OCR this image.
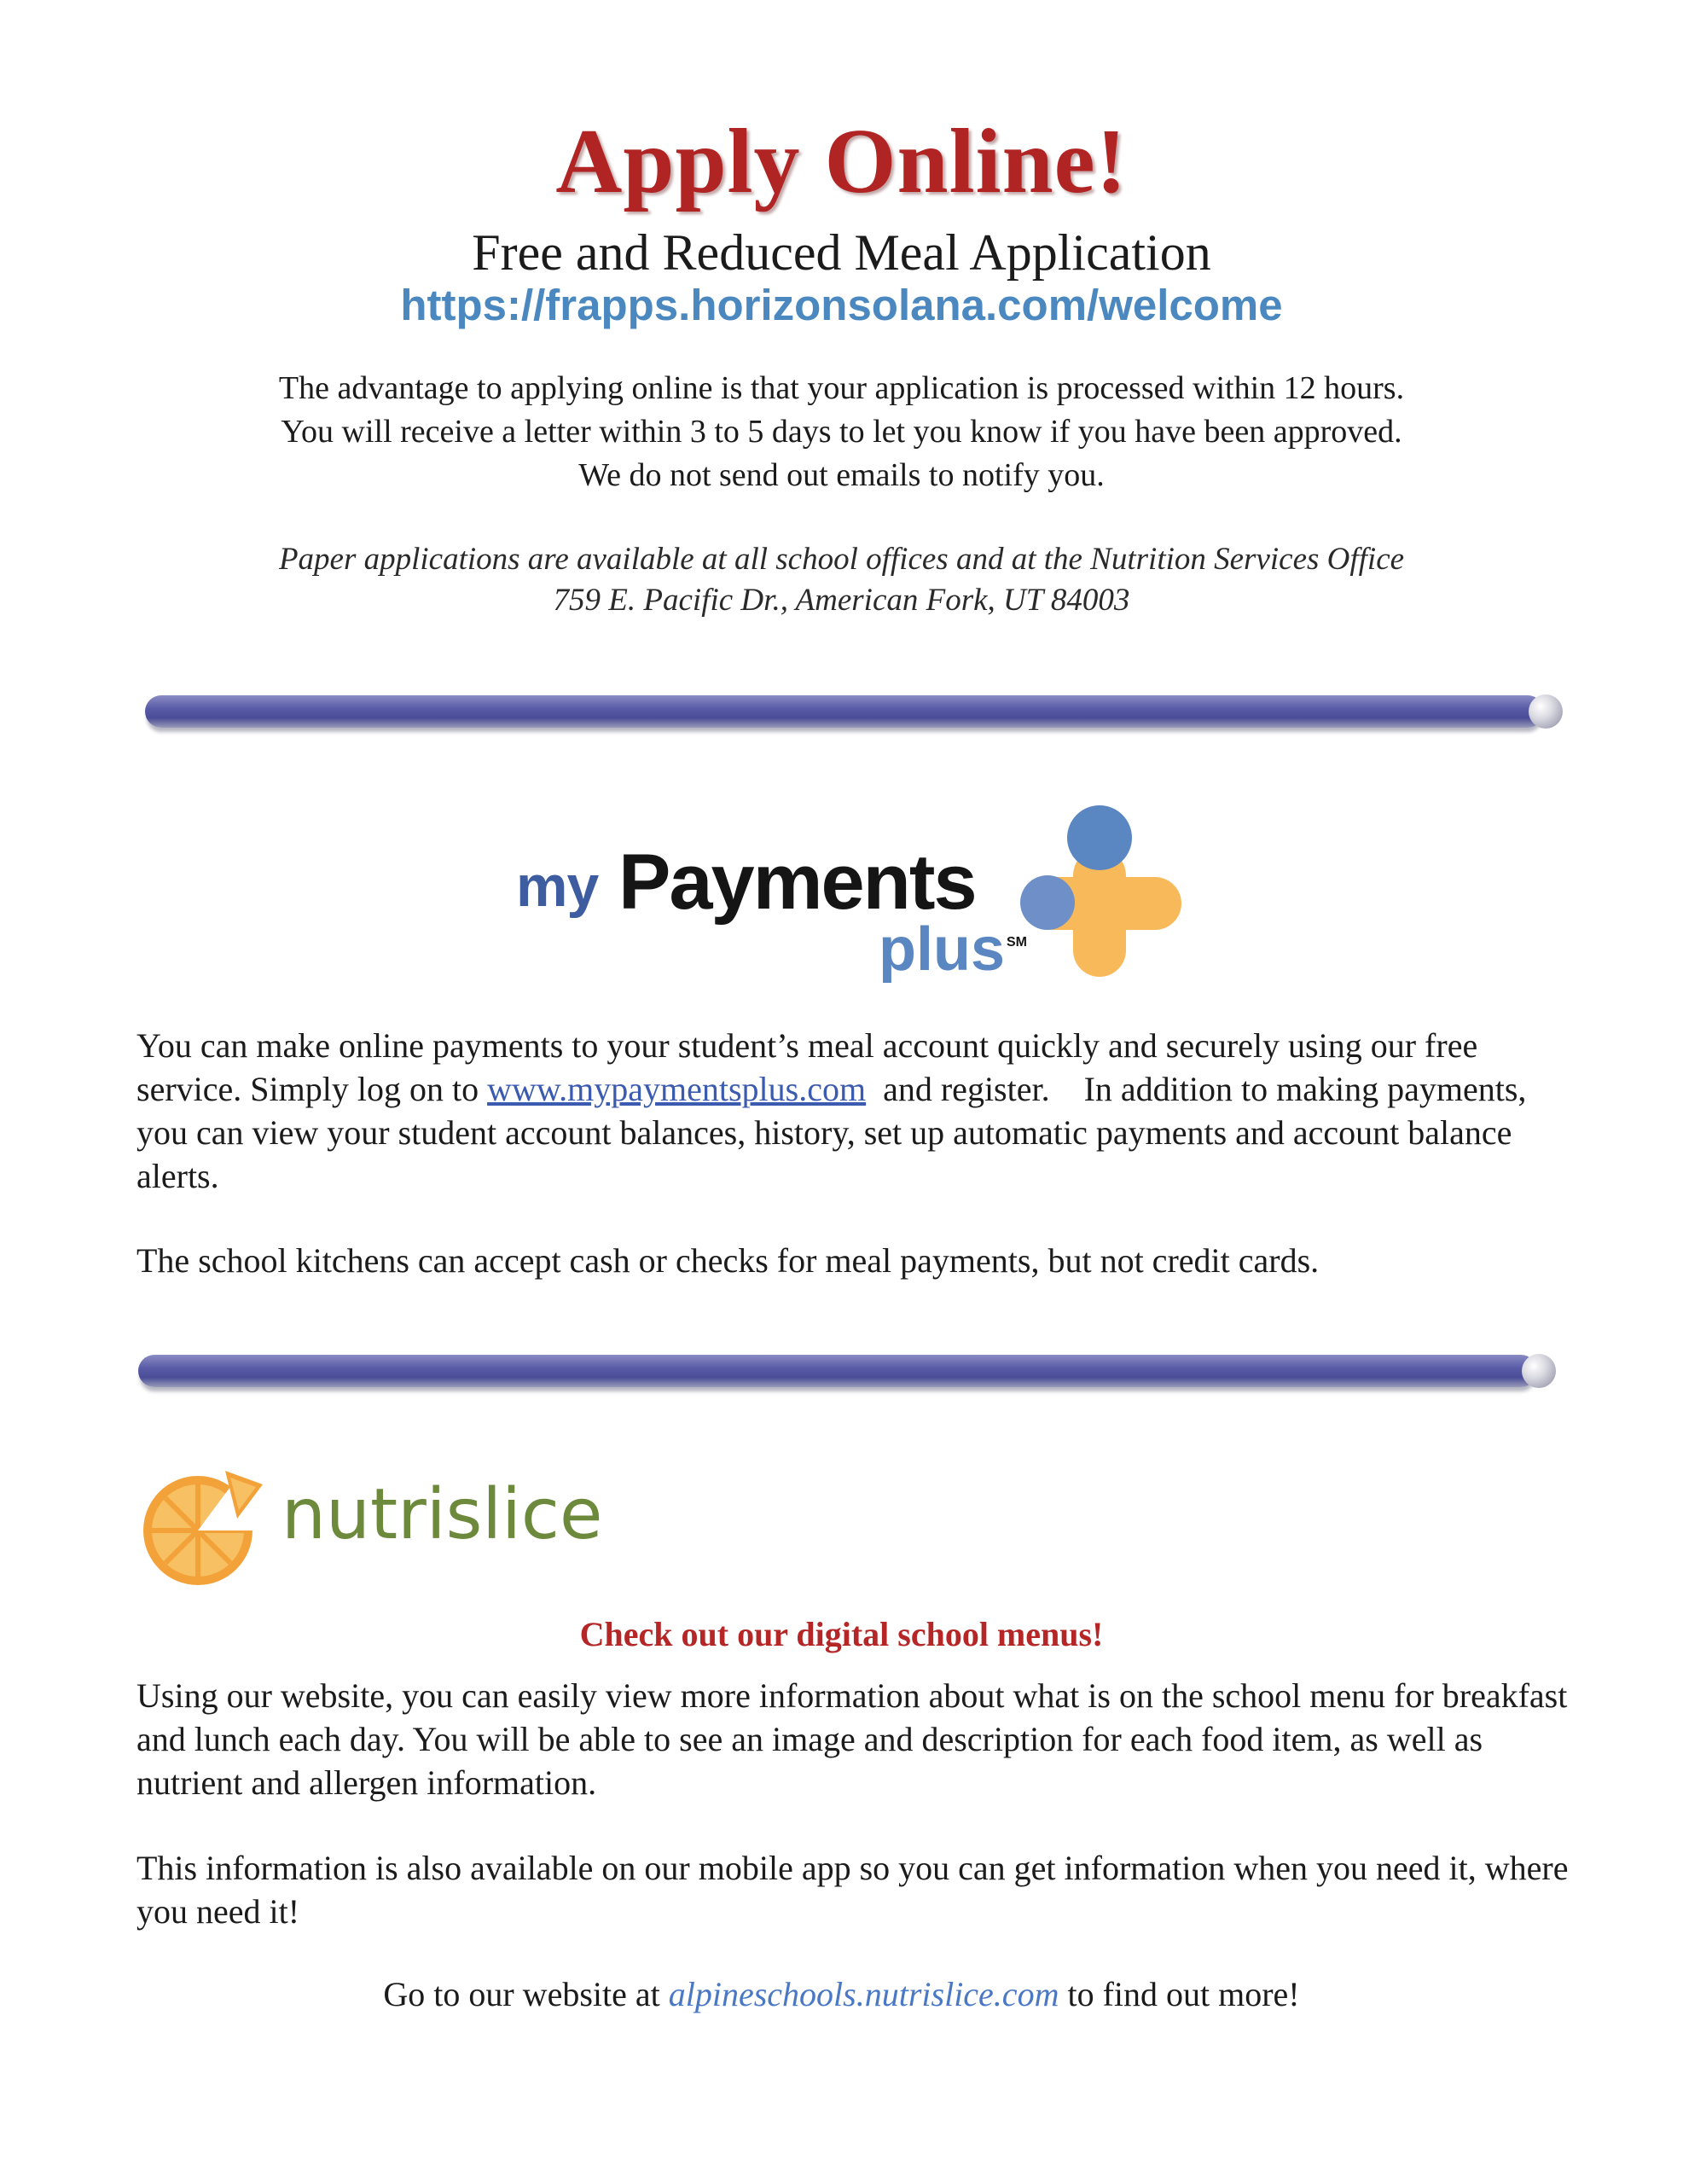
Apply Online!
Free and Reduced Meal Application
https://frapps.horizonsolana.com/welcome
The advantage to applying online is that your application is processed within 12 hours.
You will receive a letter within 3 to 5 days to let you know if you have been approved.
We do not send out emails to notify you.
Paper applications are available at all school offices and at the Nutrition Services Office
759 E. Pacific Dr., American Fork, UT 84003
my Payments
plus SM
You can make online payments to your student’s meal account quickly and securely using our free service. Simply log on to www.mypaymentsplus.com  and register.    In addition to making payments, you can view your student account balances, history, set up automatic payments and account balance alerts.
The school kitchens can accept cash or checks for meal payments, but not credit cards.
nutrislice
Check out our digital school menus!
Using our website, you can easily view more information about what is on the school menu for breakfast and lunch each day. You will be able to see an image and description for each food item, as well as nutrient and allergen information.
This information is also available on our mobile app so you can get information when you need it, where you need it!
Go to our website at alpineschools.nutrislice.com to find out more!
